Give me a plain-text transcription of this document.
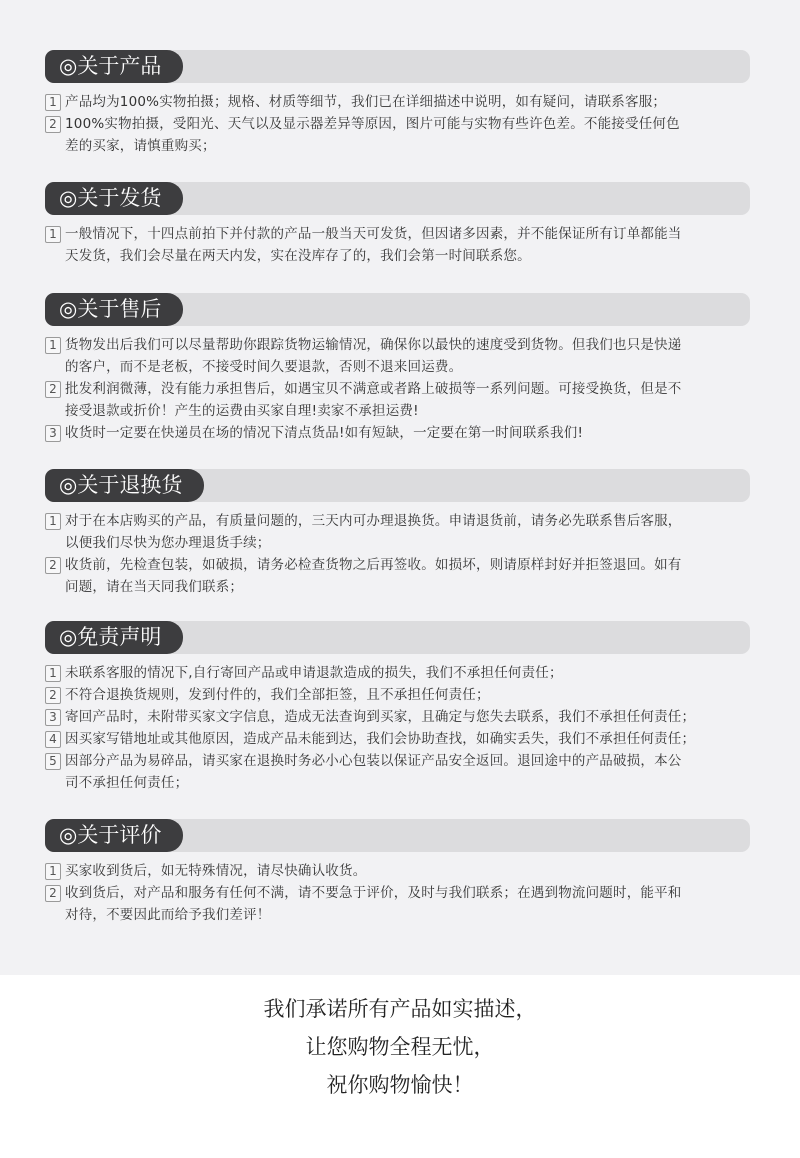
◎关于产品
1 产品均为100%实物拍摄；规格、材质等细节，我们已在详细描述中说明，如有疑问，请联系客服；
2 100%实物拍摄，受阳光、天气以及显示器差异等原因，图片可能与实物有些许色差。不能接受任何色
差的买家，请慎重购买；
◎关于发货
1 一般情况下，十四点前拍下并付款的产品一般当天可发货，但因诸多因素，并不能保证所有订单都能当
天发货，我们会尽量在两天内发，实在没库存了的，我们会第一时间联系您。
◎关于售后
1 货物发出后我们可以尽量帮助你跟踪货物运输情况，确保你以最快的速度受到货物。但我们也只是快递
的客户，而不是老板，不接受时间久要退款，否则不退来回运费。
2 批发利润微薄，没有能力承担售后，如遇宝贝不满意或者路上破损等一系列问题。可接受换货，但是不
接受退款或折价！产生的运费由买家自理!卖家不承担运费!
3 收货时一定要在快递员在场的情况下清点货品!如有短缺，一定要在第一时间联系我们!
◎关于退换货
1 对于在本店购买的产品，有质量问题的，三天内可办理退换货。申请退货前，请务必先联系售后客服，
以便我们尽快为您办理退货手续；
2 收货前，先检查包装，如破损，请务必检查货物之后再签收。如损坏，则请原样封好并拒签退回。如有
问题，请在当天同我们联系；
◎免责声明
1 未联系客服的情况下,自行寄回产品或申请退款造成的损失，我们不承担任何责任；
2 不符合退换货规则，发到付件的，我们全部拒签，且不承担任何责任；
3 寄回产品时，未附带买家文字信息，造成无法查询到买家，且确定与您失去联系，我们不承担任何责任；
4 因买家写错地址或其他原因，造成产品未能到达，我们会协助查找，如确实丢失，我们不承担任何责任；
5 因部分产品为易碎品，请买家在退换时务必小心包装以保证产品安全返回。退回途中的产品破损，本公
司不承担任何责任；
◎关于评价
1 买家收到货后，如无特殊情况，请尽快确认收货。
2 收到货后，对产品和服务有任何不满，请不要急于评价，及时与我们联系；在遇到物流问题时，能平和
对待，不要因此而给予我们差评！
我们承诺所有产品如实描述，
让您购物全程无忧，
祝你购物愉快！
